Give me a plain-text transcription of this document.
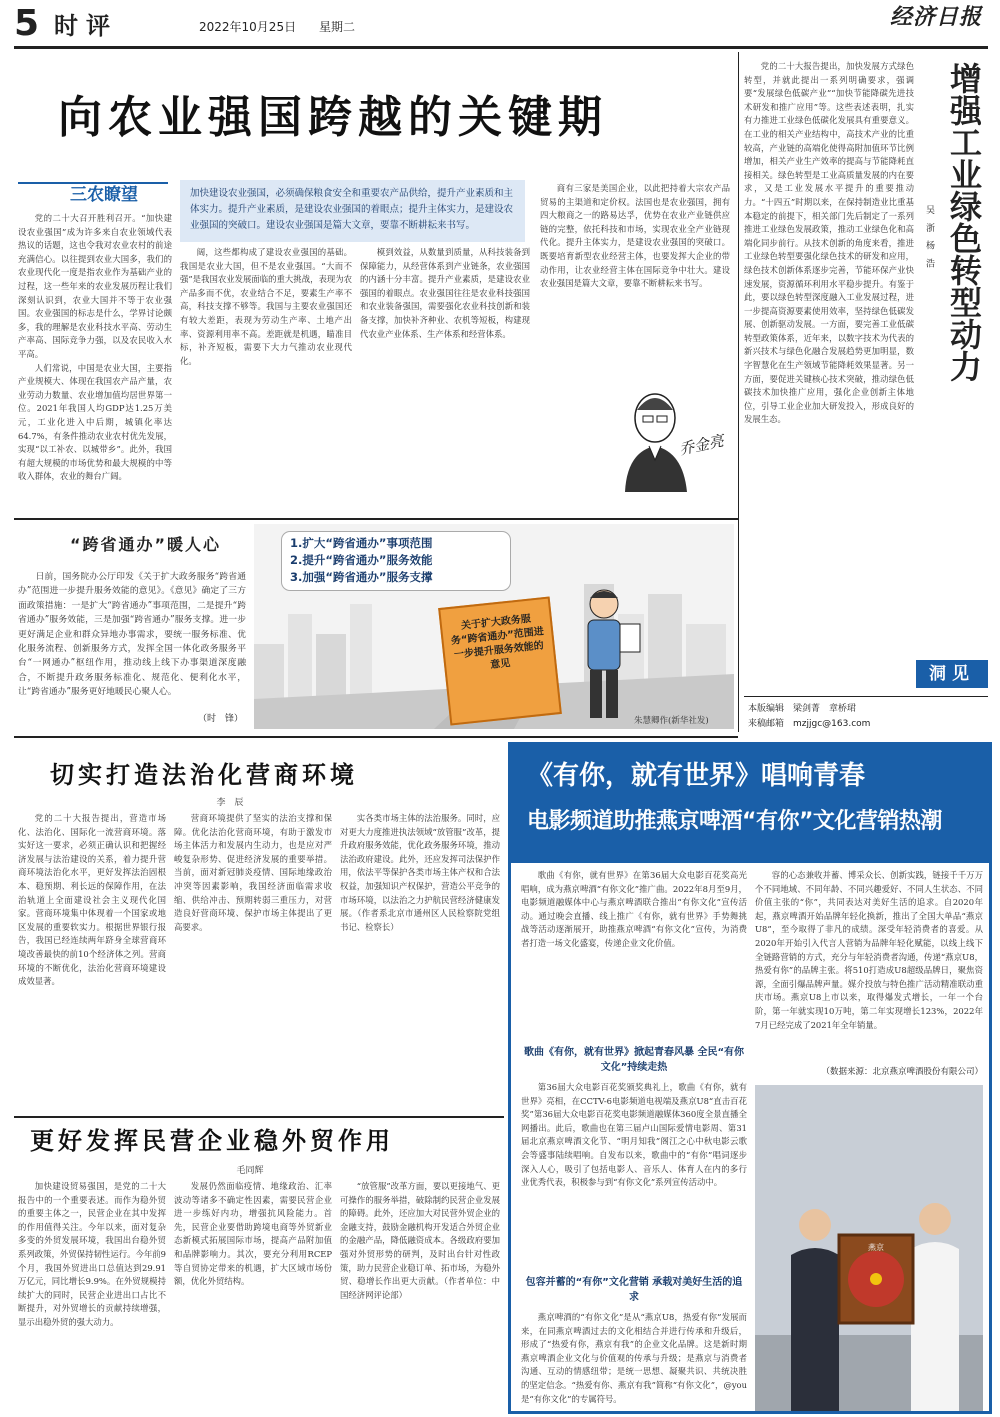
5 时评	2022年10月25日 星期二	经济日报
向农业强国跨越的关键期
三农瞭望	加快建设农业强国，必须确保粮食安全和重要农产品供给，提升产业素质和主体实力。提升产业素质，是建设农业强国的着眼点；提升主体实力，是建设农业强国的突破口。建设农业强国是篇大文章，要靠不断耕耘来书写。

党的二十大召开胜利召开。“加快建设农业强国”成为许多来自农业领域代表热议的话题，这也令我对农业农村的前途充满信心。以往提到农业大国多，我们的农业现代化一度是指农业作为基础产业的过程，这一些年来的农业发展历程让我们深刻认识到，农业大国并不等于农业强国。农业强国的标志是什么，学界讨论颇多，我的理解是农业科技水平高、劳动生产率高、国际竞争力强，以及农民收入水平高。

人们常说，中国是农业大国，主要指产业规模大、体现在我国农产品产量，农业劳动力数量、农业增加值均居世界第一位。2021年我国人均GDP达1.25万美元，工业化进入中后期，城镇化率达64.7%，有条件推动农业农村优先发展，实现“以工补农、以城带乡”。此外，我国有超大规模的市场优势和最大规模的中等收入群体，农业的舞台广阔。

阔，这些都构成了建设农业强国的基础。我国是农业大国，但不是农业强国。“大而不强”是我国农业发展面临的重大挑战，表现为农产品多而不优，农业结合不足，要素生产率不高，科技支撑不够等。我国与主要农业强国还有较大差距，表现为劳动生产率、土地产出率、资源利用率不高。差距就是机遇，瞄准目标，补齐短板，需要下大力气推动农业现代化。

模到效益，从数量到质量，从科技装备到保障能力，从经营体系到产业链条，农业强国的内涵十分丰富。提升产业素质，是建设农业强国的着眼点。农业强国往往是农业科技强国和农业装备强国，需要强化农业科技创新和装备支撑，加快补齐种业、农机等短板，构建现代农业产业体系、生产体系和经营体系。

商有三家是美国企业，以此把持着大宗农产品贸易的主渠道和定价权。法国也是农业强国，拥有四大粮商之一的路易达孚，优势在农业产业链供应链的完整，依托科技和市场，实现农业全产业链现代化。提升主体实力，是建设农业强国的突破口。既要培育新型农业经营主体，也要发挥大企业的带动作用，让农业经营主体在国际竞争中壮大。建设农业强国是篇大文章，要靠不断耕耘来书写。

乔金亮

党的二十大报告提出，加快发展方式绿色转型，并就此提出一系列明确要求，强调要“发展绿色低碳产业”“加快节能降碳先进技术研发和推广应用”等。这些表述表明，扎实有力推进工业绿色低碳化发展具有重要意义。在工业的相关产业结构中，高技术产业的比重较高，产业链的高端化使得高附加值环节比例增加，相关产业生产效率的提高与节能降耗直接相关。绿色转型是工业高质量发展的内在要求，又是工业发展水平提升的重要推动力。“十四五”时期以来，在保持制造业比重基本稳定的前提下，相关部门先后制定了一系列推进工业绿色发展政策，推动工业绿色化和高端化同步前行。从技术创新的角度来看，推进工业绿色转型要强化绿色技术的研发和应用，绿色技术创新体系逐步完善，节能环保产业快速发展，资源循环利用水平稳步提升。有鉴于此，要以绿色转型深度融入工业发展过程，进一步提高资源要素使用效率，坚持绿色低碳发展、创新驱动发展。一方面，要完善工业低碳转型政策体系，近年来，以数字技术为代表的新兴技术与绿色化融合发展趋势更加明显，数字智慧化在生产领域节能降耗效果显著。另一方面，要促进关键核心技术突破，推动绿色低碳技术加快推广应用，强化企业创新主体地位，引导工业企业加大研发投入，形成良好的发展生态。

增强工业绿色转型动力
吴 浙 杨 浩
洞见
本版编辑　梁剑菁　章桥珺
来稿邮箱　mzjjgc@163.com
“跨省通办”暖人心

日前，国务院办公厅印发《关于扩大政务服务“跨省通办”范围进一步提升服务效能的意见》。《意见》确定了三方面政策措施：一是扩大“跨省通办”事项范围，二是提升“跨省通办”服务效能，三是加强“跨省通办”服务支撑。进一步更好满足企业和群众异地办事需求，要统一服务标准、优化服务流程、创新服务方式，发挥全国一体化政务服务平台“一网通办”枢纽作用，推动线上线下办事渠道深度融合，不断提升政务服务标准化、规范化、便利化水平，让“跨省通办”服务更好地暖民心聚人心。

（时　锋）
1.扩大“跨省通办”事项范围
2.提升“跨省通办”服务效能
3.加强“跨省通办”服务支撑
关于扩大政务服务“跨省通办”范围进一步提升服务效能的意见
朱慧卿作(新华社发)
切实打造法治化营商环境
李　辰

党的二十大报告提出，营造市场化、法治化、国际化一流营商环境。落实好这一要求，必须正确认识和把握经济发展与法治建设的关系，着力提升营商环境法治化水平，更好发挥法治固根本、稳预期、利长远的保障作用，在法治轨道上全面建设社会主义现代化国家。营商环境集中体现着一个国家或地区发展的重要软实力。根据世界银行报告，我国已经连续两年跻身全球营商环境改善最快的前10个经济体之列。营商环境的不断优化，法治化营商环境建设成效显著。

营商环境提供了坚实的法治支撑和保障。优化法治化营商环境，有助于激发市场主体活力和发展内生动力，也是应对严峻复杂形势、促进经济发展的重要举措。当前，面对新冠肺炎疫情、国际地缘政治冲突等因素影响，我国经济面临需求收缩、供给冲击、预期转弱三重压力，对营造良好营商环境、保护市场主体提出了更高要求。

实各类市场主体的法治服务。同时，应对更大力度推进执法领域“放管服”改革，提升政府服务效能，优化政务服务环境，推动法治政府建设。此外，还应发挥司法保护作用，依法平等保护各类市场主体产权和合法权益，加强知识产权保护，营造公平竞争的市场环境，以法治之力护航民营经济健康发展。（作者系北京市通州区人民检察院党组书记、检察长）

更好发挥民营企业稳外贸作用
毛同辉

加快建设贸易强国，是党的二十大报告中的一个重要表述。而作为稳外贸的重要主体之一，民营企业在其中发挥的作用值得关注。今年以来，面对复杂多变的外贸发展环境，我国出台稳外贸系列政策，外贸保持韧性运行。今年前9个月，我国外贸进出口总值达到29.91万亿元，同比增长9.9%。在外贸规模持续扩大的同时，民营企业进出口占比不断提升，对外贸增长的贡献持续增强，显示出稳外贸的强大动力。

发展仍然面临疫情、地缘政治、汇率波动等诸多不确定性因素，需要民营企业进一步练好内功，增强抗风险能力。首先，民营企业要借助跨境电商等外贸新业态新模式拓展国际市场，提高产品附加值和品牌影响力。其次，要充分利用RCEP等自贸协定带来的机遇，扩大区域市场份额，优化外贸结构。

“放管服”改革方面，要以更接地气、更可操作的服务举措，破除制约民营企业发展的障碍。此外，还应加大对民营外贸企业的金融支持，鼓励金融机构开发适合外贸企业的金融产品，降低融资成本。各级政府要加强对外贸形势的研判，及时出台针对性政策，助力民营企业稳订单、拓市场，为稳外贸、稳增长作出更大贡献。（作者单位：中国经济网评论部）

《有你，就有世界》唱响青春
电影频道助推燕京啤酒“有你”文化营销热潮

歌曲《有你，就有世界》在第36届大众电影百花奖高光唱响，成为燕京啤酒“有你文化”推广曲。2022年8月至9月，电影频道融媒体中心与燕京啤酒联合推出“有你文化”宣传活动。通过晚会直播、线上推广《有你，就有世界》手势舞挑战等活动逐渐展开，助推燕京啤酒“有你文化”宣传，为消费者打造一场文化盛宴，传递企业文化价值。

歌曲《有你，就有世界》掀起青春风暴 全民“有你文化”持续走热

第36届大众电影百花奖颁奖典礼上，歌曲《有你，就有世界》亮相，在CCTV-6电影频道电视端及燕京U8“直击百花奖”第36届大众电影百花奖电影频道融媒体360度全景直播全网播出。此后，歌曲也在第三届卢山国际爱情电影周、第31届北京燕京啤酒文化节、“明月知我”阁江之心中秋电影云歌会等盛事陆续唱响。自发布以来，歌曲中的“有你”唱词逐步深入人心，吸引了包括电影人、音乐人、体育人在内的多行业优秀代表，积极参与到“有你文化”系列宣传活动中。

包容并蓄的“有你”文化营销 承载对美好生活的追求

燕京啤酒的“有你文化”是从“燕京U8，热爱有你”发展而来，在同燕京啤酒过去的文化相结合并进行传承和升级后，形成了“热爱有你，燕京有我”的企业文化品牌。这是新时期燕京啤酒企业文化与价值观的传承与升级；是燕京与消费者沟通、互动的情感纽带；是统一思想、凝聚共识、共统决胜的坚定信念。“热爱有你、燕京有我”简称“有你文化”，@you是“有你文化”的专属符号。

容的心态兼收并蓄、博采众长、创新实践，链接千千万万个不同地域、不同年龄、不同兴趣爱好、不同人生状态、不同价值主张的“你”，共同表达对美好生活的追求。自2020年起，燕京啤酒开始品牌年轻化换新，推出了全国大单品“燕京U8”，至今取得了非凡的成绩。深受年轻消费者的喜爱。从2020年开始引入代言人营销为品牌年轻化赋能，以线上线下全链路营销的方式，充分与年轻消费者沟通，传递“燕京U8，热爱有你”的品牌主张。将510打造成U8超级品牌日，聚焦资源，全面引爆品牌声量。媒介投放与特色推广活动精准联动重庆市场。燕京U8上市以来，取得爆发式增长，一年一个台阶，第一年就实现10万吨，第二年实现增长123%，2022年7月已经完成了2021年全年销量。

（数据来源：北京燕京啤酒股份有限公司）
燕京
